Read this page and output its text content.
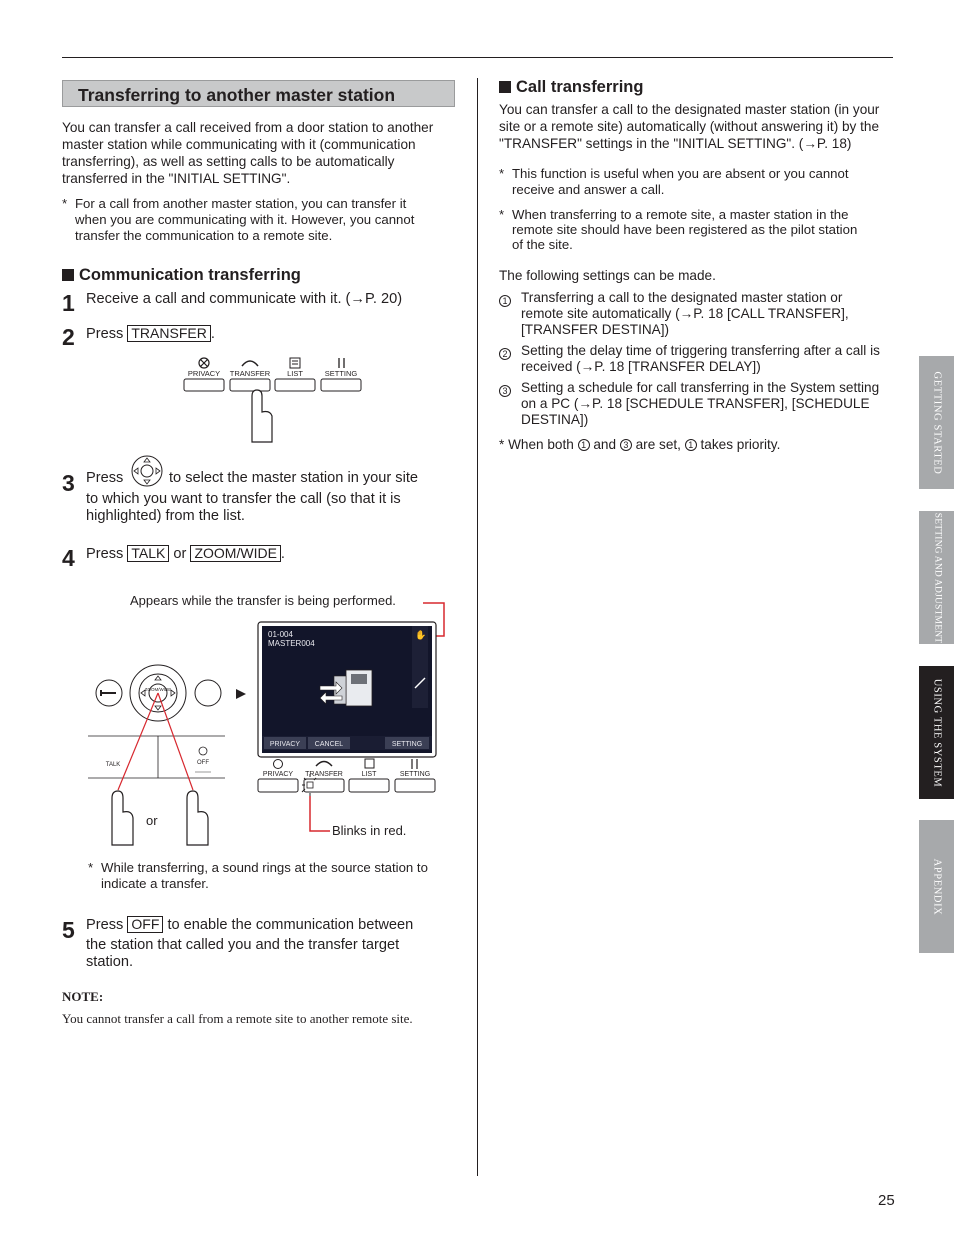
Transferring to another master station
You can transfer a call received from a door station to another
master station while communicating with it (communication
transferring), as well as setting calls to be automatically
transferred in the "INITIAL SETTING".
* For a call from another master station, you can transfer it
when you are communicating with it. However, you cannot
transfer the communication to a remote site.
Communication transferring
1 Receive a call and communicate with it. (→P. 20)
2 Press TRANSFER .
PRIVACY TRANSFER LIST	SETTING
3 Press	to select the master station in your site
to which you want to transfer the call (so that it is
highlighted) from the list.
4 Press TALK or ZOOM/WIDE .
Appears while the transfer is being performed.
ZOOM/WIDE
TALK	OFF
01-004
MASTER004
✋
PRIVACY CANCEL	SETTING
PRIVACY TRANSFER	LIST	SETTING
or
Blinks in red.
* While transferring, a sound rings at the source station to
indicate a transfer.
5 Press OFF to enable the communication between
the station that called you and the transfer target
station.
NOTE:
You cannot transfer a call from a remote site to another remote site.
Call transferring
You can transfer a call to the designated master station (in your
site or a remote site) automatically (without answering it) by the
"TRANSFER" settings in the "INITIAL SETTING". (→P. 18)
* This function is useful when you are absent or you cannot
receive and answer a call.
* When transferring to a remote site, a master station in the
remote site should have been registered as the pilot station
of the site.
The following settings can be made.
1 Transferring a call to the designated master station or
remote site automatically (→P. 18 [CALL TRANSFER],
[TRANSFER DESTINA])
2 Setting the delay time of triggering transferring after a call is
received (→P. 18 [TRANSFER DELAY])
3 Setting a schedule for call transferring in the System setting
on a PC (→P. 18 [SCHEDULE TRANSFER], [SCHEDULE
DESTINA])
* When both 1 and 3 are set, 1 takes priority.	GETTING STARTED
SETTING AND ADJUSTMENT
USING THE SYSTEM
APPENDIX
25
